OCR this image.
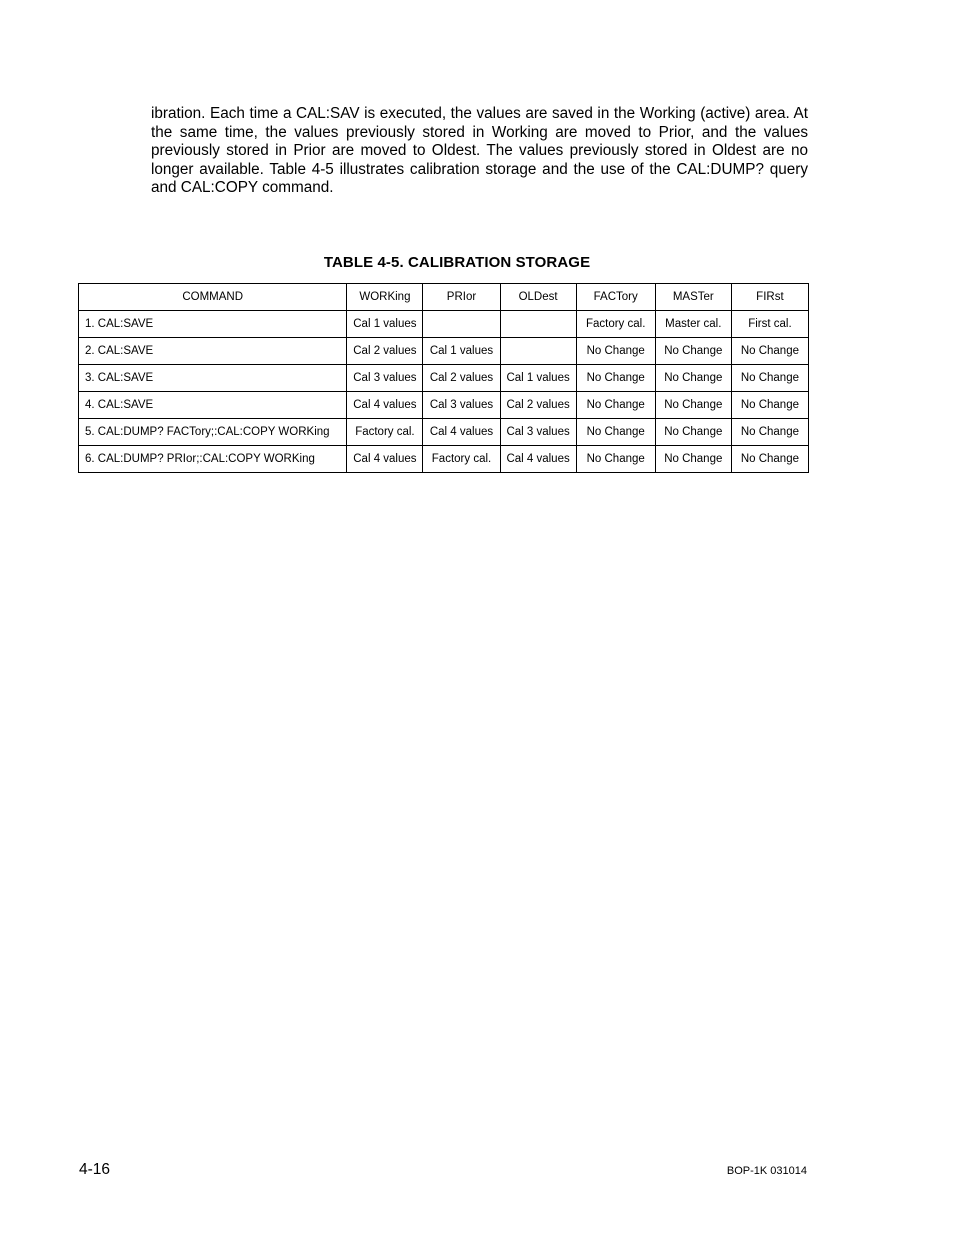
ibration. Each time a CAL:SAV is executed, the values are saved in the Working (active) area. At the same time, the values previously stored in Working are moved to Prior, and the values previously stored in Prior are moved to Oldest. The values previously stored in Oldest are no longer available. Table 4-5 illustrates calibration storage and the use of the CAL:DUMP? query and CAL:COPY command.

TABLE 4-5. CALIBRATION STORAGE
COMMAND	WORKing	PRIor	OLDest	FACTory	MASTer	FIRst
1. CAL:SAVE	Cal 1 values			Factory cal.	Master cal.	First cal.
2. CAL:SAVE	Cal 2 values	Cal 1 values		No Change	No Change	No Change
3. CAL:SAVE	Cal 3 values	Cal 2 values	Cal 1 values	No Change	No Change	No Change
4. CAL:SAVE	Cal 4 values	Cal 3 values	Cal 2 values	No Change	No Change	No Change
5. CAL:DUMP? FACTory;:CAL:COPY WORKing	Factory cal.	Cal 4 values	Cal 3 values	No Change	No Change	No Change
6. CAL:DUMP? PRIor;:CAL:COPY WORKing	Cal 4 values	Factory cal.	Cal 4 values	No Change	No Change	No Change
4-16	BOP-1K 031014
